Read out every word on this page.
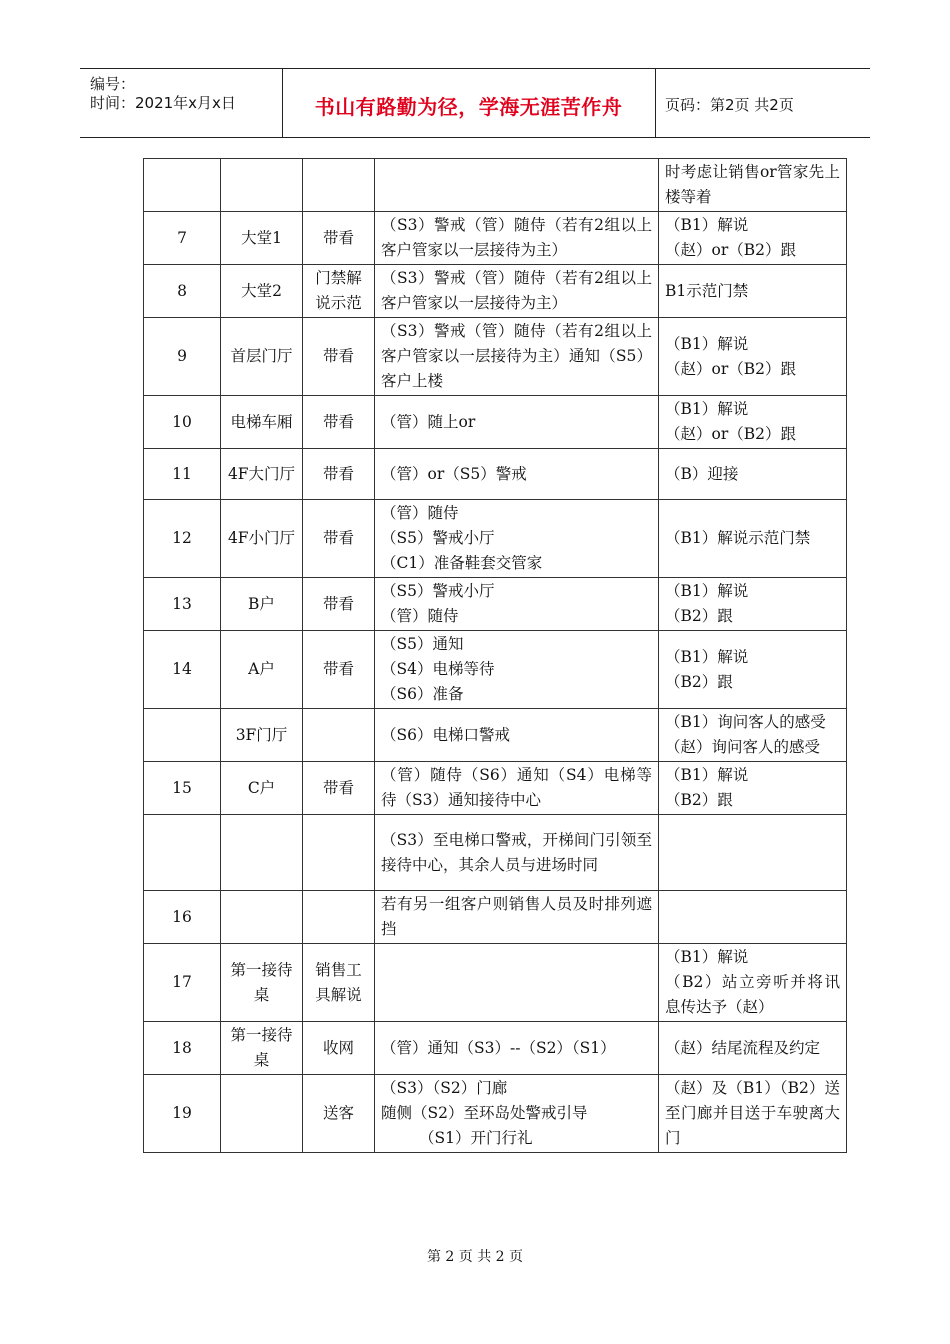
编号：
时间：2021年x月x日	书山有路勤为径，学海无涯苦作舟	页码：第2页 共2页

				时考虑让销售or管家先上楼等着

7	大堂1	带看	（S3）警戒（管）随侍（若有2组以上客户管家以一层接待为主）	（B1）解说
（赵）or（B2）跟

8	大堂2	门禁解说示范	（S3）警戒（管）随侍（若有2组以上客户管家以一层接待为主）	B1示范门禁

9	首层门厅	带看	（S3）警戒（管）随侍（若有2组以上客户管家以一层接待为主）通知（S5）客户上楼	（B1）解说
（赵）or（B2）跟

10	电梯车厢	带看	（管）随上or	（B1）解说
（赵）or（B2）跟

11	4F大门厅	带看	（管）or（S5）警戒	（B）迎接

12	4F小门厅	带看	（管）随侍
（S5）警戒小厅
（C1）准备鞋套交管家	（B1）解说示范门禁

13	B户	带看	（S5）警戒小厅
（管）随侍	（B1）解说
（B2）跟

14	A户	带看	（S5）通知
（S4）电梯等待
（S6）准备	（B1）解说
（B2）跟

	3F门厅		（S6）电梯口警戒	（B1）询问客人的感受
（赵）询问客人的感受

15	C户	带看	（管）随侍（S6）通知（S4）电梯等待（S3）通知接待中心	（B1）解说
（B2）跟

			（S3）至电梯口警戒，开梯间门引领至接待中心，其余人员与进场时同	

16			若有另一组客户则销售人员及时排列遮挡	

17	第一接待桌	销售工具解说		（B1）解说
（B2）站立旁听并将讯息传达予（赵）

18	第一接待桌	收网	（管）通知（S3）--（S2）（S1）	（赵）结尾流程及约定

19		送客	（S3）（S2）门廊
随侧（S2）至环岛处警戒引导
（S1）开门行礼	（赵）及（B1）（B2）送至门廊并目送于车驶离大门
第 2 页 共 2 页
